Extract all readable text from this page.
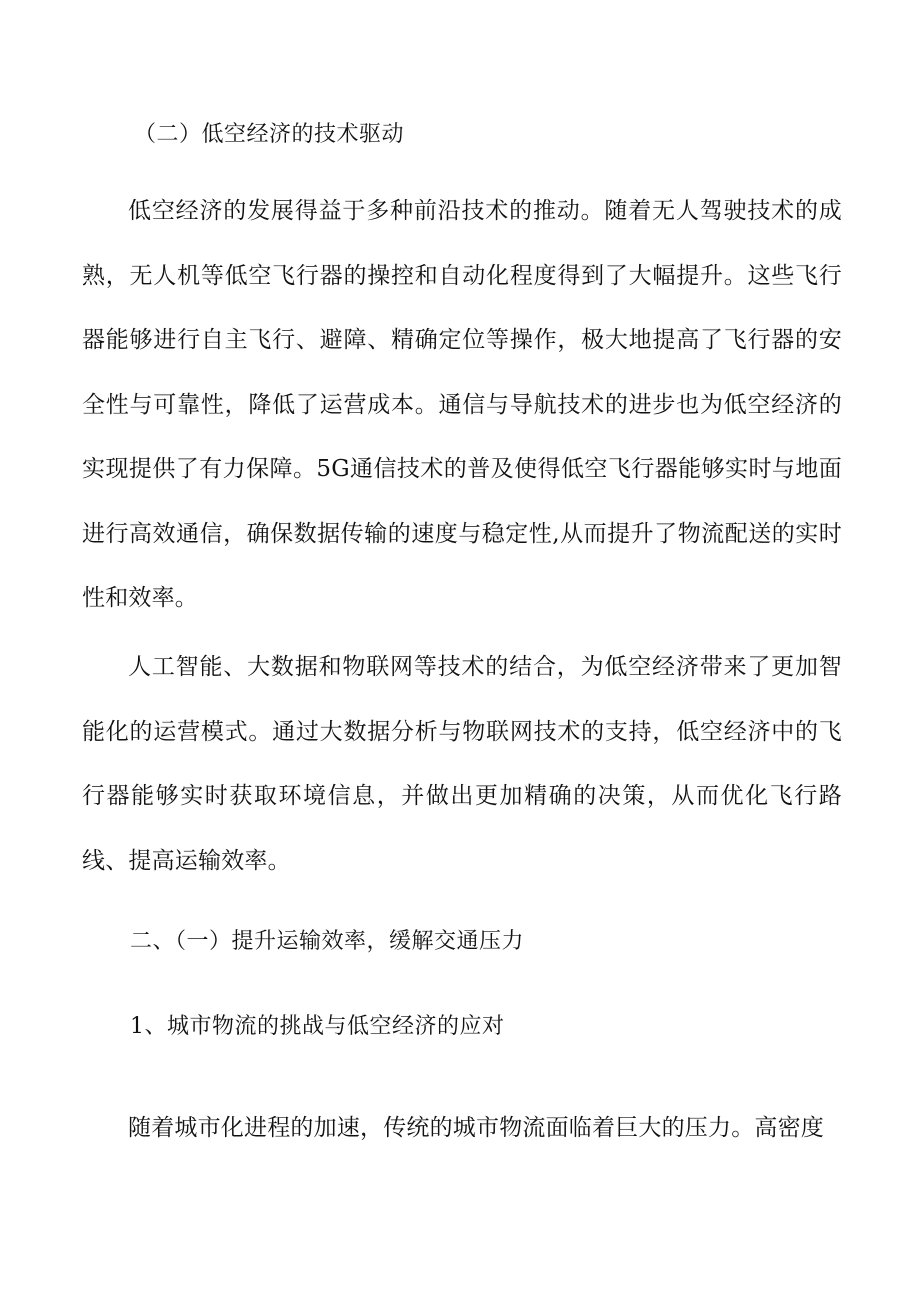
（二）低空经济的技术驱动

低空经济的发展得益于多种前沿技术的推动。随着无人驾驶技术的成熟，无人机等低空飞行器的操控和自动化程度得到了大幅提升。这些飞行器能够进行自主飞行、避障、精确定位等操作，极大地提高了飞行器的安全性与可靠性，降低了运营成本。通信与导航技术的进步也为低空经济的实现提供了有力保障。5G通信技术的普及使得低空飞行器能够实时与地面进行高效通信，确保数据传输的速度与稳定性,从而提升了物流配送的实时性和效率。

人工智能、大数据和物联网等技术的结合，为低空经济带来了更加智能化的运营模式。通过大数据分析与物联网技术的支持，低空经济中的飞行器能够实时获取环境信息，并做出更加精确的决策，从而优化飞行路线、提高运输效率。

二、（一）提升运输效率，缓解交通压力

1、城市物流的挑战与低空经济的应对

随着城市化进程的加速，传统的城市物流面临着巨大的压力。高密度
